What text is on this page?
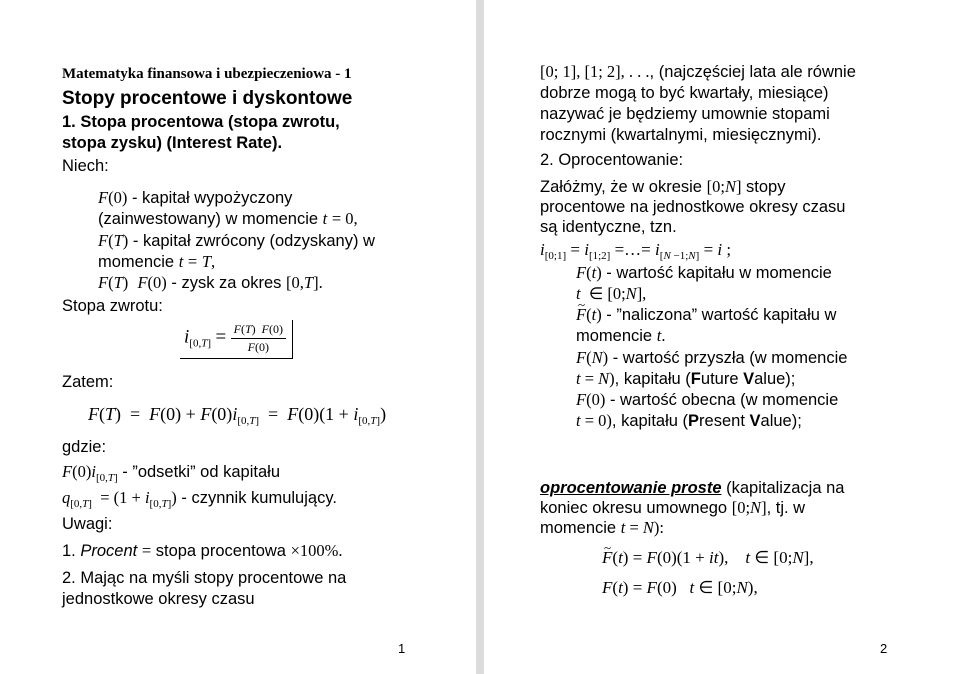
Matematyka finansowa i ubezpieczeniowa - 1
Stopy procentowe i dyskontowe
1. Stopa procentowa (stopa zwrotu,
stopa zysku) (Interest Rate).
Niech:
F(0) - kapitał wypożyczony
(zainwestowany) w momencie t = 0,
F(T) - kapitał zwrócony (odzyskany) w
momencie t = T,
F(T) F(0) - zysk za okres [0,T].
Stopa zwrotu:
$i_{[0,T]} = \frac{F(T) F(0)}{F(0)}$
Zatem:
$F(T) = F(0) + F(0)i_{[0,T]} = F(0)(1 + i_{[0,T]})$
gdzie:
$F(0)i_{[0,T]}$ - ”odsetki” od kapitału
$q_{[0,T]} = (1 + i_{[0,T]})$ - czynnik kumulujący.
Uwagi:
1. Procent = stopa procentowa ×100%.
2. Mając na myśli stopy procentowe na
jednostkowe okresy czasu
1
[0; 1], [1; 2], . . ., (najczęściej lata ale równie
dobrze mogą to być kwartały, miesiące)
nazywać je będziemy umownie stopami
rocznymi (kwartalnymi, miesięcznymi).
2. Oprocentowanie:
Załóżmy, że w okresie [0;N] stopy
procentowe na jednostkowe okresy czasu
są identyczne, tzn.
$i_{[0;1]} = i_{[1;2]}$ =…= $i_{[N -1;N]} = i$ ;
F(t) - wartość kapitału w momencie
t  ∈ [0;N],
~ F(t) - ”naliczona” wartość kapitału w
momencie t.
F(N) - wartość przyszła (w momencie
t = N), kapitału (Future Value);
F(0) - wartość obecna (w momencie
t = 0), kapitału (Present Value);
oprocentowanie proste (kapitalizacja na
koniec okresu umownego [0;N], tj. w
momencie t = N):
~ F(t) = F(0)(1 + it),    t ∈ [0;N],
F(t) = F(0)   t ∈ [0;N),
2
